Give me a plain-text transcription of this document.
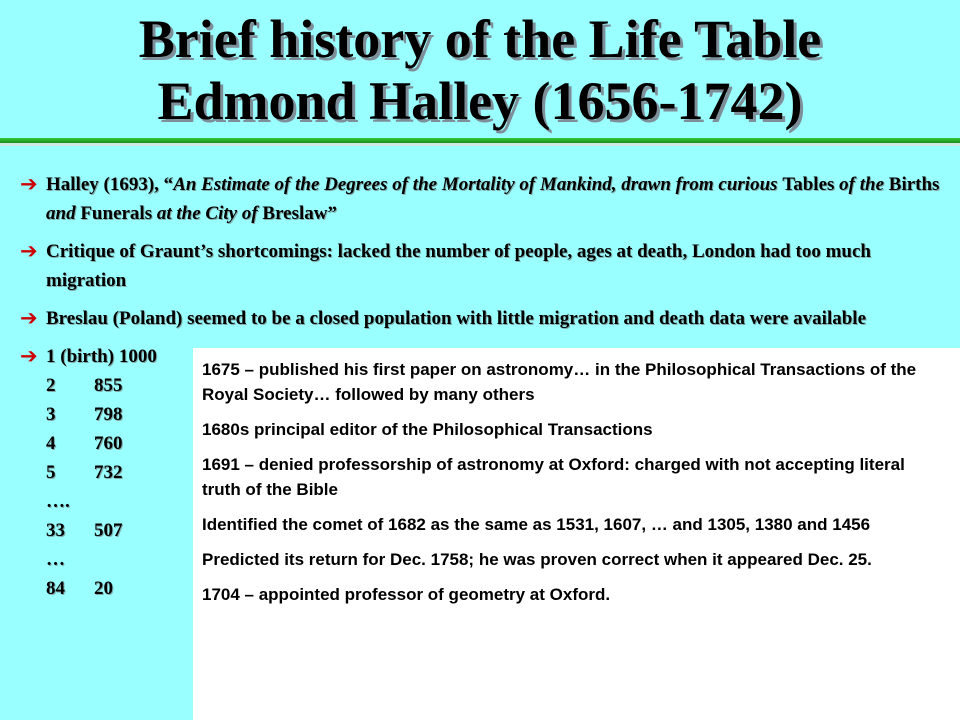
Brief history of the Life Table
Edmond Halley (1656-1742)
➔ Halley (1693), “An Estimate of the Degrees of the Mortality of Mankind, drawn from curious Tables of the Births and Funerals at the City of Breslaw”
➔ Critique of Graunt’s shortcomings: lacked the number of people, ages at death, London had too much migration
➔ Breslau (Poland) seemed to be a closed population with little migration and death data were available
➔ 1 (birth) 1000
2	855
3	798
4	760
5	732
….
33	507
…
84	20

1675 – published his first paper on astronomy… in the Philosophical Transactions of the Royal Society… followed by many others

1680s principal editor of the Philosophical Transactions

1691 – denied professorship of astronomy at Oxford: charged with not accepting literal truth of the Bible

Identified the comet of 1682 as the same as 1531, 1607, … and 1305, 1380 and 1456

Predicted its return for Dec. 1758; he was proven correct when it appeared Dec. 25.

1704 – appointed professor of geometry at Oxford.
